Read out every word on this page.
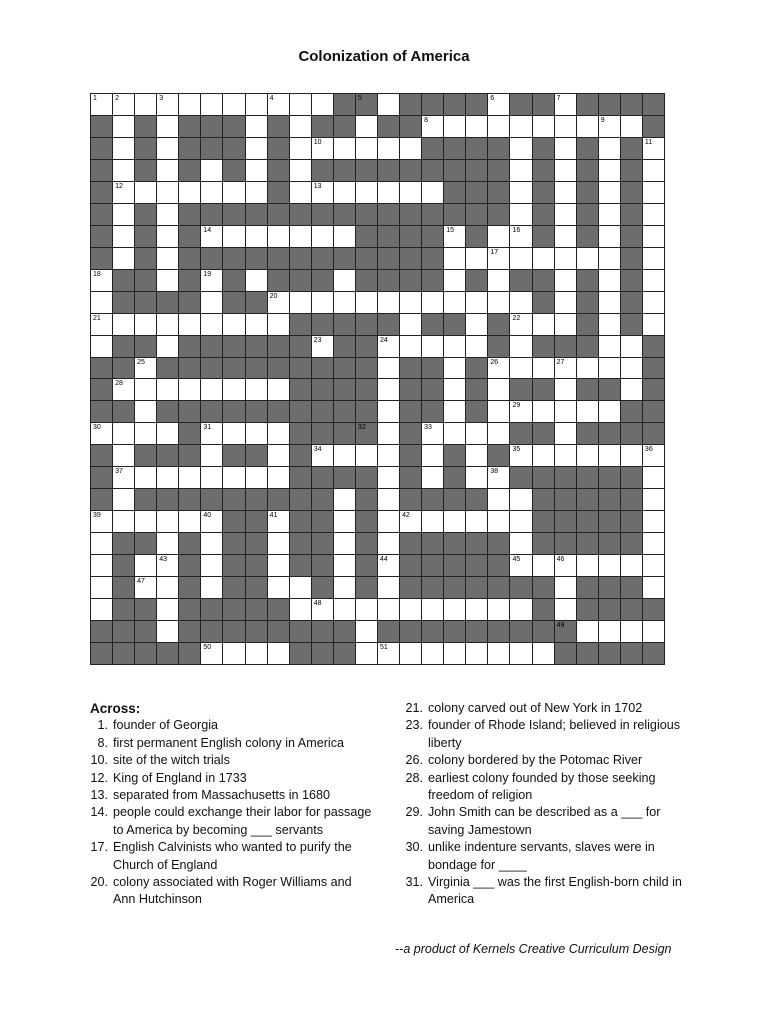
Colonization of America
1	2	3	4	5	6	7
8	9
10	11
12	13
14	15	16
17
18	19
20
21	22
23	24
25	26	27
28
29
30	31	32	33
34	35	36
37	38
39	40	41	42
43	44	45	46
47
48
49
50	51
Across:
1. founder of Georgia
8. first permanent English colony in America
10. site of the witch trials
12. King of England in 1733
13. separated from Massachusetts in 1680
14. people could exchange their labor for passage to America by becoming ___ servants
17. English Calvinists who wanted to purify the Church of England
20. colony associated with Roger Williams and Ann Hutchinson
21. colony carved out of New York in 1702
23. founder of Rhode Island; believed in religious liberty
26. colony bordered by the Potomac River
28. earliest colony founded by those seeking freedom of religion
29. John Smith can be described as a ___ for saving Jamestown
30. unlike indenture servants, slaves were in bondage for ____
31. Virginia ___ was the first English-born child in America
--a product of Kernels Creative Curriculum Design
